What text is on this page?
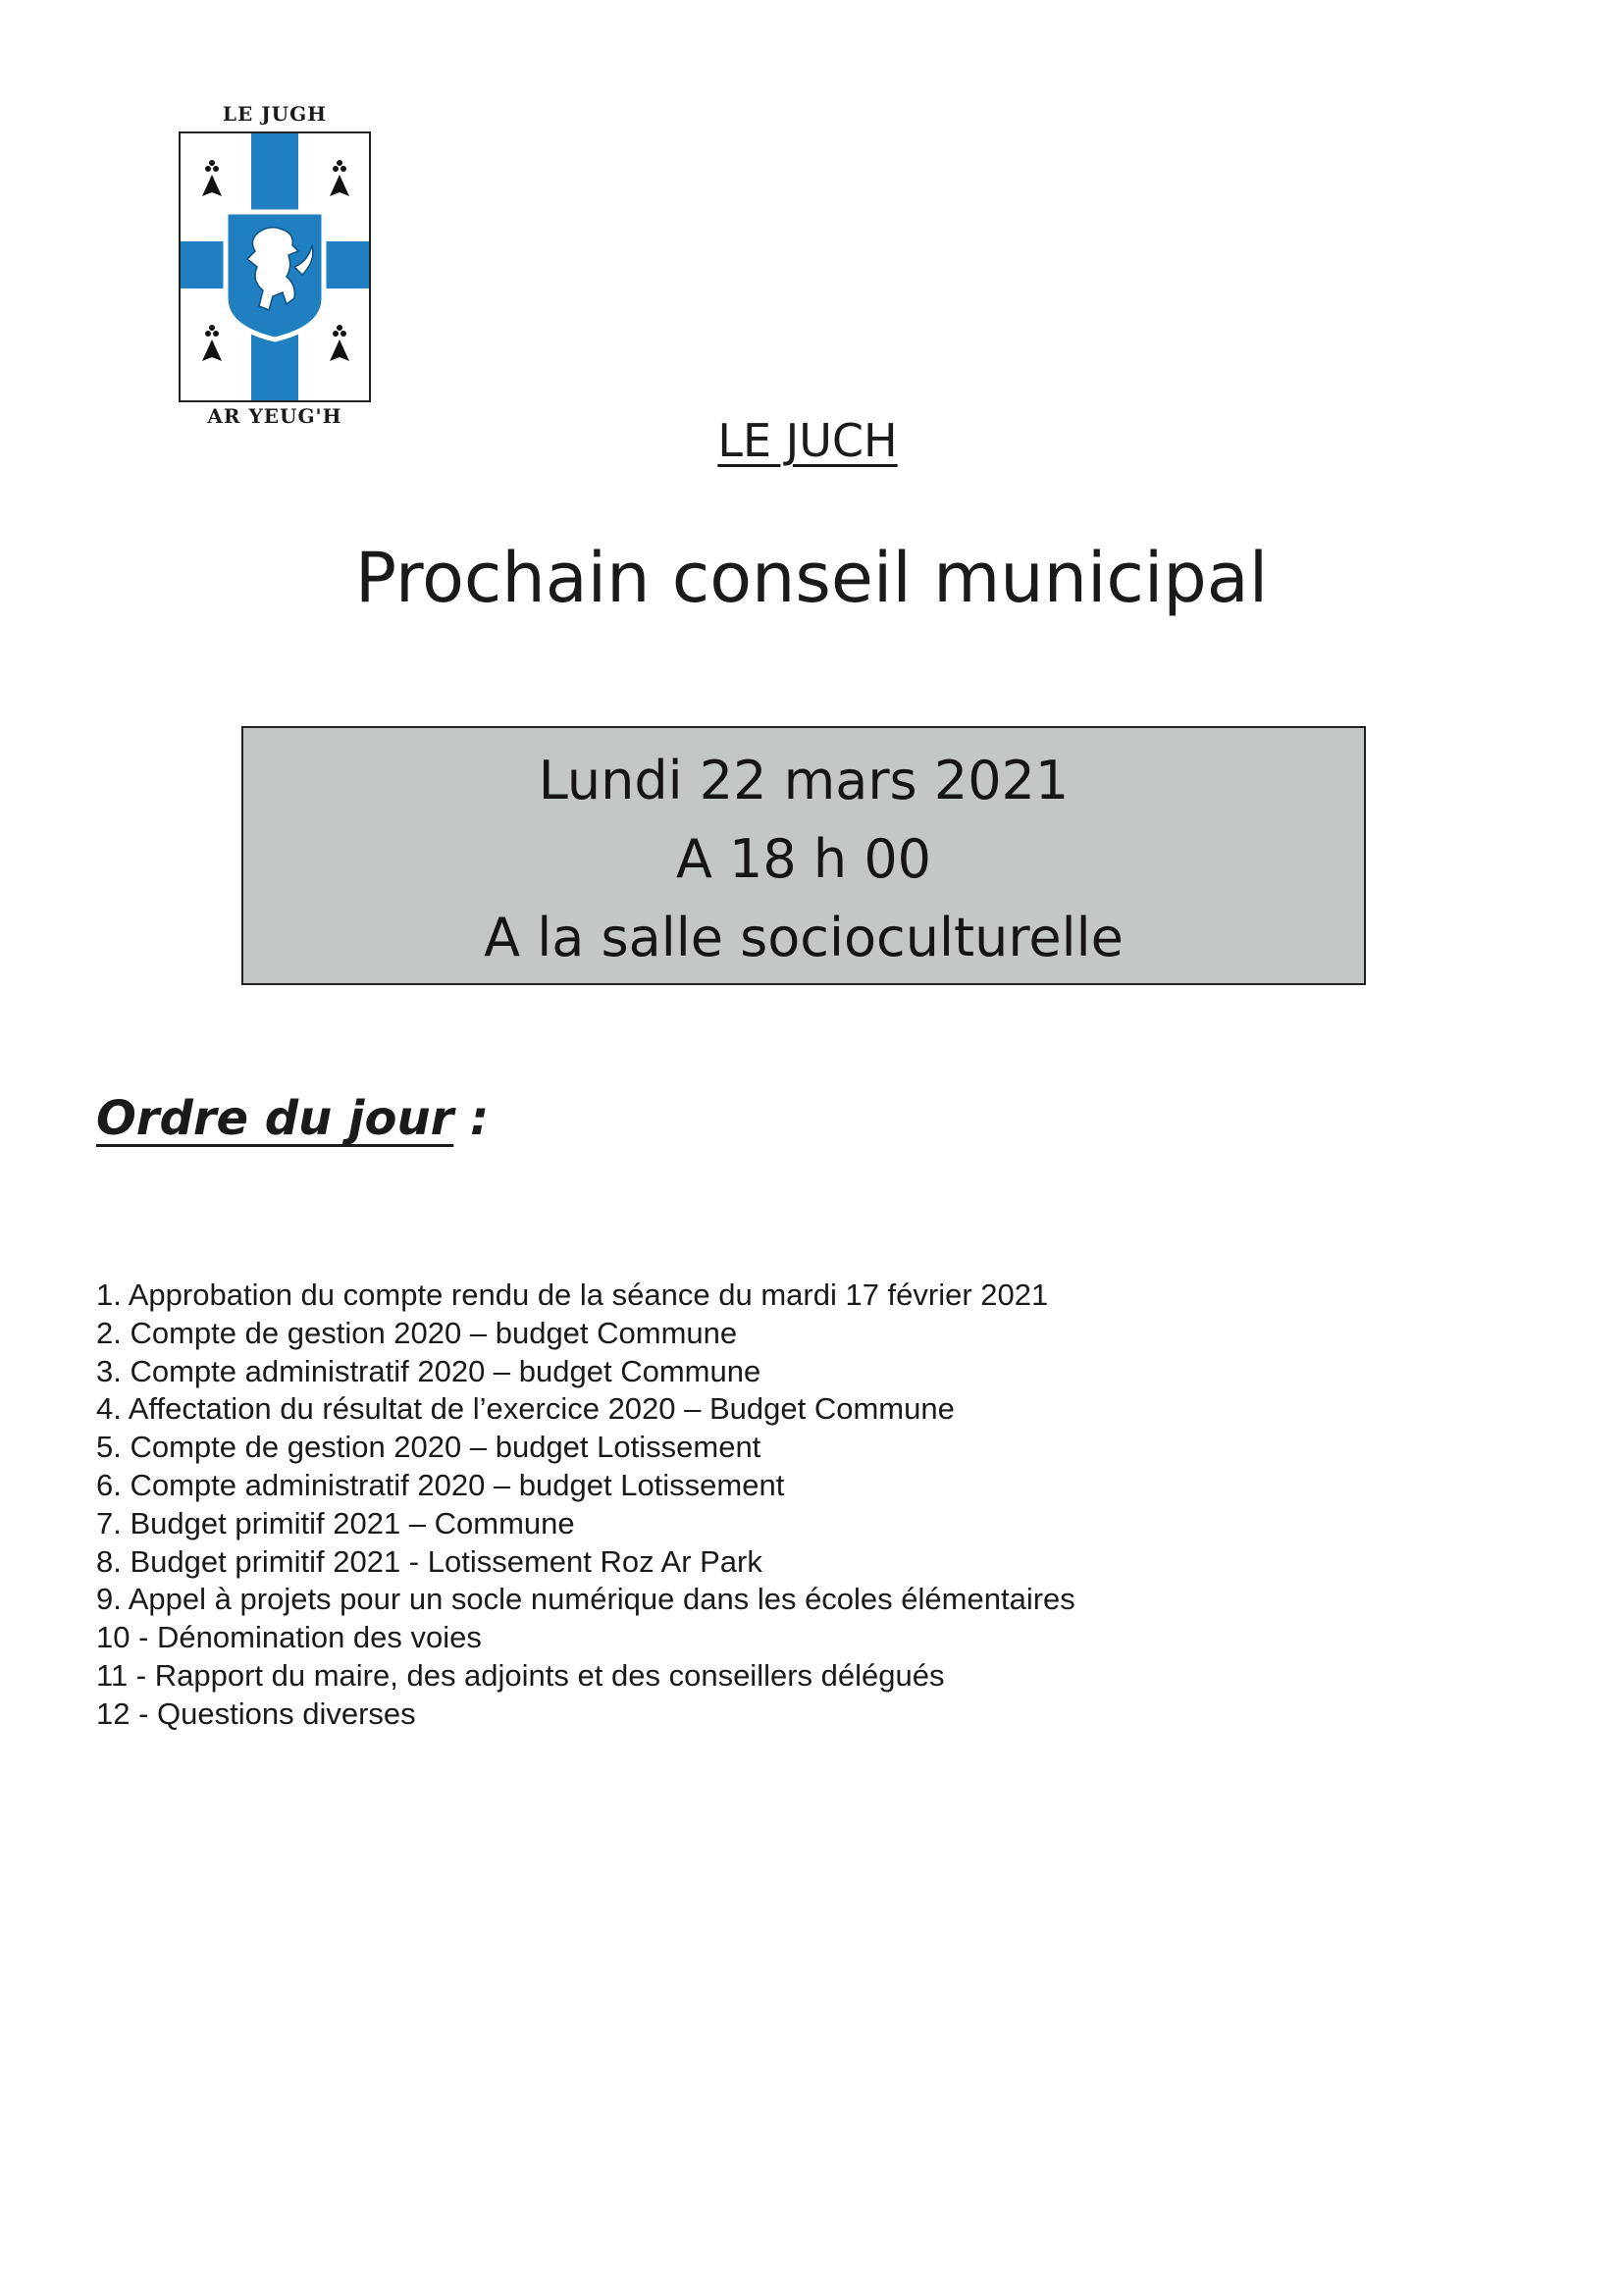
LE JUGH
AR YEUG'H	LE JUCH
Prochain conseil municipal
Lundi 22 mars 2021
A 18 h 00
A la salle socioculturelle
Ordre du jour :
1. Approbation du compte rendu de la séance du mardi 17 février 2021
2. Compte de gestion 2020 – budget Commune
3. Compte administratif 2020 – budget Commune
4. Affectation du résultat de l’exercice 2020 – Budget Commune
5. Compte de gestion 2020 – budget Lotissement
6. Compte administratif 2020 – budget Lotissement
7. Budget primitif 2021 – Commune
8. Budget primitif 2021 - Lotissement Roz Ar Park
9. Appel à projets pour un socle numérique dans les écoles élémentaires
10 - Dénomination des voies
11 - Rapport du maire, des adjoints et des conseillers délégués
12 - Questions diverses
